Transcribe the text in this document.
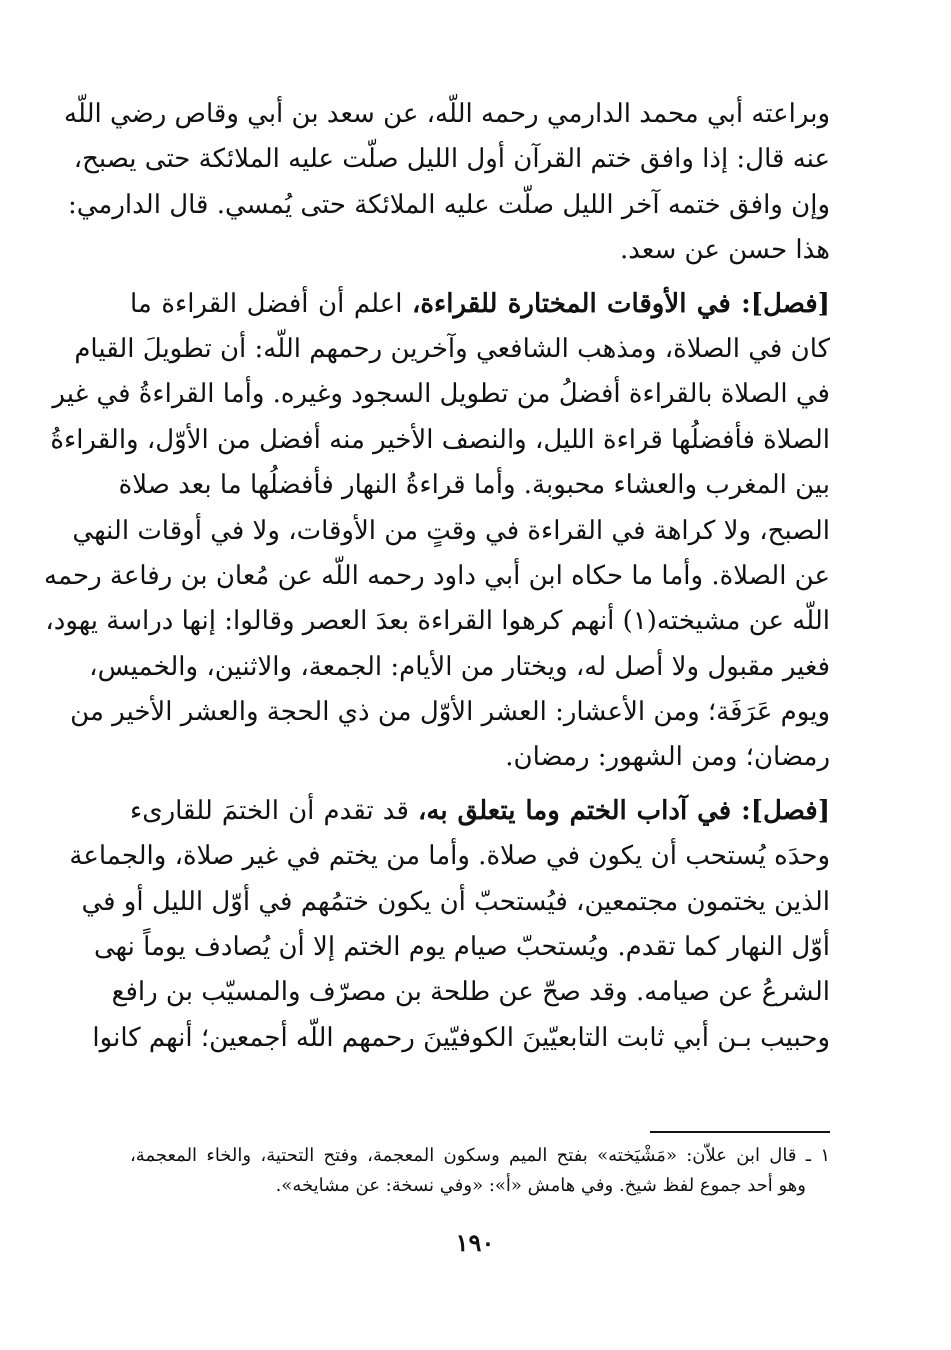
وبراعته أبي محمد الدارمي رحمه اللّه، عن سعد بن أبي وقاص رضي اللّه
عنه قال: إذا وافق ختم القرآن أول الليل صلّت عليه الملائكة حتى يصبح،
وإن وافق ختمه آخر الليل صلّت عليه الملائكة حتى يُمسي. قال الدارمي:
هذا حسن عن سعد.
[فصل]: في الأوقات المختارة للقراءة، اعلم أن أفضل القراءة ما
كان في الصلاة، ومذهب الشافعي وآخرين رحمهم اللّه: أن تطويلَ القيام
في الصلاة بالقراءة أفضلُ من تطويل السجود وغيره. وأما القراءةُ في غير
الصلاة فأفضلُها قراءة الليل، والنصف الأخير منه أفضل من الأوّل، والقراءةُ
بين المغرب والعشاء محبوبة. وأما قراءةُ النهار فأفضلُها ما بعد صلاة
الصبح، ولا كراهة في القراءة في وقتٍ من الأوقات، ولا في أوقات النهي
عن الصلاة. وأما ما حكاه ابن أبي داود رحمه اللّه عن مُعان بن رفاعة رحمه
اللّه عن مشيخته(١) أنهم كرهوا القراءة بعدَ العصر وقالوا: إنها دراسة يهود،
فغير مقبول ولا أصل له، ويختار من الأيام: الجمعة، والاثنين، والخميس،
ويوم عَرَفَة؛ ومن الأعشار: العشر الأوّل من ذي الحجة والعشر الأخير من
رمضان؛ ومن الشهور: رمضان.
[فصل]: في آداب الختم وما يتعلق به، قد تقدم أن الختمَ للقارىء
وحدَه يُستحب أن يكون في صلاة. وأما من يختم في غير صلاة، والجماعة
الذين يختمون مجتمعين، فيُستحبّ أن يكون ختمُهم في أوّل الليل أو في
أوّل النهار كما تقدم. ويُستحبّ صيام يوم الختم إلا أن يُصادف يوماً نهى
الشرعُ عن صيامه. وقد صحّ عن طلحة بن مصرّف والمسيّب بن رافع
وحبيب بـن أبي ثابت التابعيّينَ الكوفيّينَ رحمهم اللّه أجمعين؛ أنهم كانوا
١ ـ قال ابن علاّن: «مَشْيَخته» بفتح الميم وسكون المعجمة، وفتح التحتية، والخاء المعجمة،
وهو أحد جموع لفظ شيخ. وفي هامش «أ»: «وفي نسخة: عن مشايخه».
١٩٠
